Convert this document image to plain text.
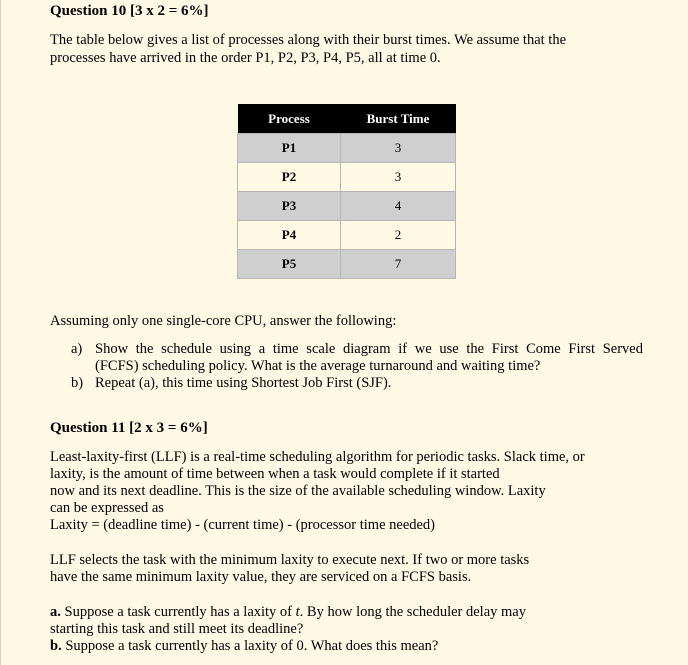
Question 10 [3 x 2 = 6%]
The table below gives a list of processes along with their burst times. We assume that the
processes have arrived in the order P1, P2, P3, P4, P5, all at time 0.
Process	Burst Time
P1	3
P2	3
P3	4
P4	2
P5	7
Assuming only one single-core CPU, answer the following:
a) Show the schedule using a time scale diagram if we use the First Come First Served
(FCFS) scheduling policy. What is the average turnaround and waiting time?
b) Repeat (a), this time using Shortest Job First (SJF).
Question 11 [2 x 3 = 6%]
Least-laxity-first (LLF) is a real-time scheduling algorithm for periodic tasks. Slack time, or
laxity, is the amount of time between when a task would complete if it started
now and its next deadline. This is the size of the available scheduling window. Laxity
can be expressed as
Laxity = (deadline time) - (current time) - (processor time needed)
LLF selects the task with the minimum laxity to execute next. If two or more tasks
have the same minimum laxity value, they are serviced on a FCFS basis.
a. Suppose a task currently has a laxity of t. By how long the scheduler delay may
starting this task and still meet its deadline?
b. Suppose a task currently has a laxity of 0. What does this mean?
